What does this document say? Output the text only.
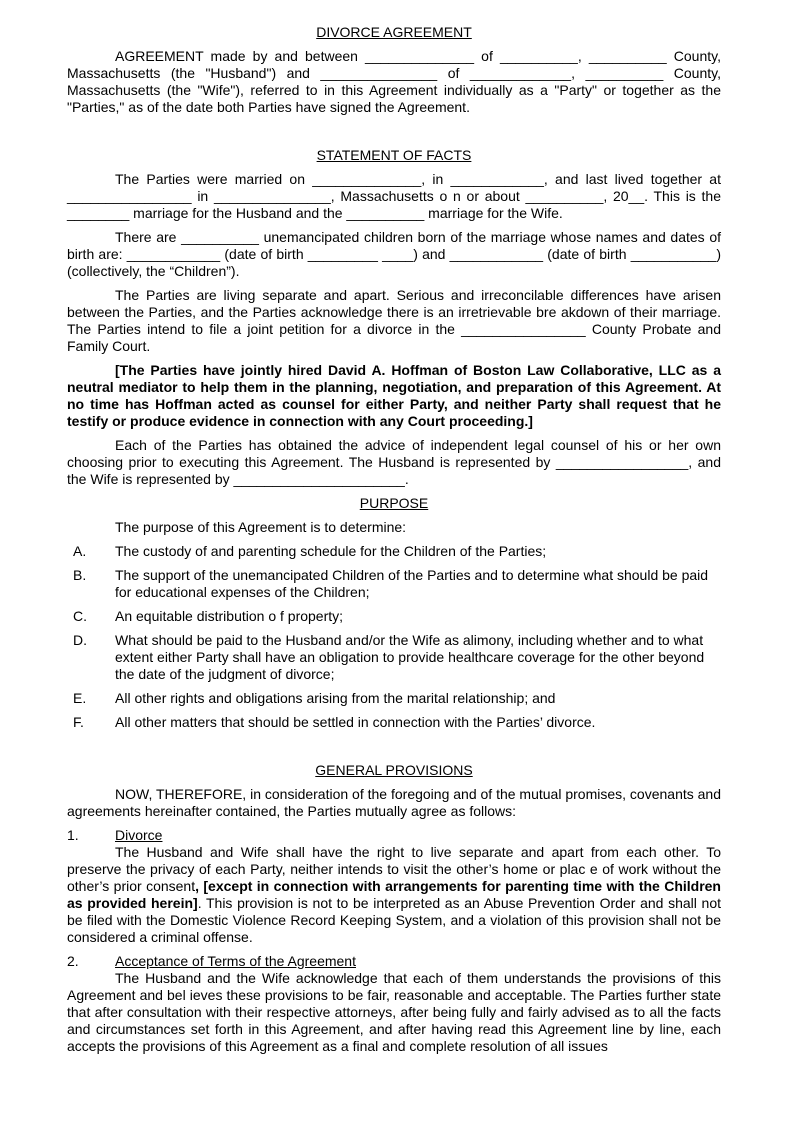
DIVORCE AGREEMENT

AGREEMENT made by and between ______________ of __________, __________ County, Massachusetts (the "Husband") and _______________ of _____________, __________ County, Massachusetts (the "Wife"), referred to in this Agreement individually as a "Party" or together as the "Parties," as of the date both Parties have signed the Agreement.

STATEMENT OF FACTS

The Parties were married on ______________, in ____________, and last lived together at ________________ in _______________, Massachusetts o n or about __________, 20__. This is the ________ marriage for the Husband and the __________ marriage for the Wife.

There are __________ unemancipated children born of the marriage whose names and dates of birth are: ____________ (date of birth _________ ____) and ____________ (date of birth ___________) (collectively, the “Children”).

The Parties are living separate and apart. Serious and irreconcilable differences have arisen between the Parties, and the Parties acknowledge there is an irretrievable bre akdown of their marriage. The Parties intend to file a joint petition for a divorce in the ________________ County Probate and Family Court.

[The Parties have jointly hired David A. Hoffman of Boston Law Collaborative, LLC as a neutral mediator to help them in the planning, negotiation, and preparation of this Agreement. At no time has Hoffman acted as counsel for either Party, and neither Party shall request that he testify or produce evidence in connection with any Court proceeding.]

Each of the Parties has obtained the advice of independent legal counsel of his or her own choosing prior to executing this Agreement. The Husband is represented by _________________, and the Wife is represented by ______________________.

PURPOSE

The purpose of this Agreement is to determine:

A.	The custody of and parenting schedule for the Children of the Parties;
B.	The support of the unemancipated Children of the Parties and to determine what should be paid for educational expenses of the Children;
C.	An equitable distribution o f property;
D.	What should be paid to the Husband and/or the Wife as alimony, including whether and to what extent either Party shall have an obligation to provide healthcare coverage for the other beyond the date of the judgment of divorce;
E.	All other rights and obligations arising from the marital relationship; and
F.	All other matters that should be settled in connection with the Parties’ divorce.

GENERAL PROVISIONS

NOW, THEREFORE, in consideration of the foregoing and of the mutual promises, covenants and agreements hereinafter contained, the Parties mutually agree as follows:

1.	Divorce

The Husband and Wife shall have the right to live separate and apart from each other. To preserve the privacy of each Party, neither intends to visit the other’s home or plac e of work without the other’s prior consent, [except in connection with arrangements for parenting time with the Children as provided herein]. This provision is not to be interpreted as an Abuse Prevention Order and shall not be filed with the Domestic Violence Record Keeping System, and a violation of this provision shall not be considered a criminal offense.

2.	Acceptance of Terms of the Agreement

The Husband and the Wife acknowledge that each of them understands the provisions of this Agreement and bel ieves these provisions to be fair, reasonable and acceptable. The Parties further state that after consultation with their respective attorneys, after being fully and fairly advised as to all the facts and circumstances set forth in this Agreement, and after having read this Agreement line by line, each accepts the provisions of this Agreement as a final and complete resolution of all issues
